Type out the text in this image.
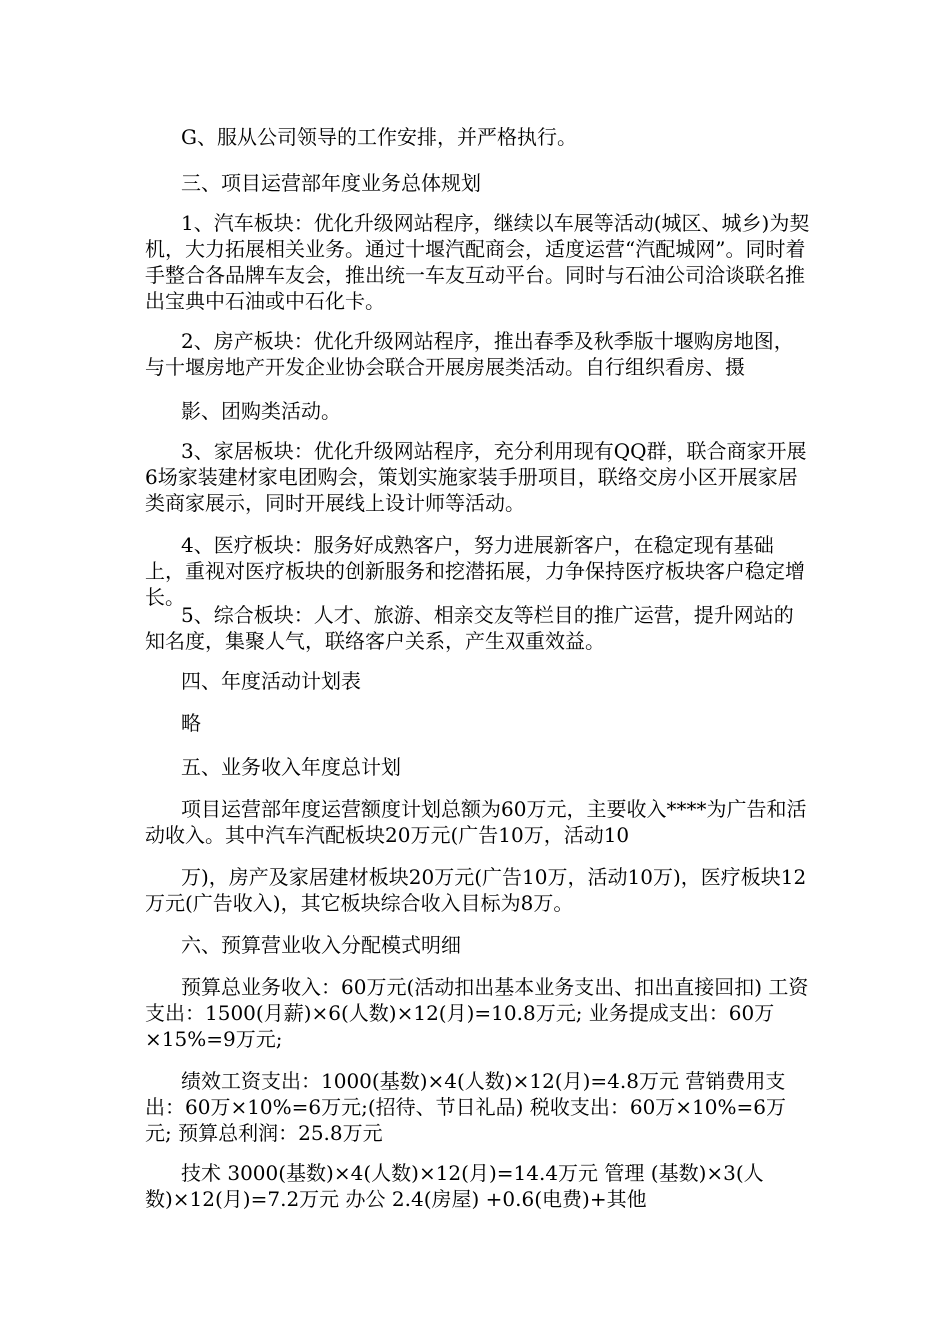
G、服从公司领导的工作安排，并严格执行。

三、项目运营部年度业务总体规划

1、汽车板块：优化升级网站程序，继续以车展等活动(城区、城乡)为契机，大力拓展相关业务。通过十堰汽配商会，适度运营“汽配城网”。同时着手整合各品牌车友会，推出统一车友互动平台。同时与石油公司洽谈联名推出宝典中石油或中石化卡。

2、房产板块：优化升级网站程序，推出春季及秋季版十堰购房地图，与十堰房地产开发企业协会联合开展房展类活动。自行组织看房、摄

影、团购类活动。

3、家居板块：优化升级网站程序，充分利用现有QQ群，联合商家开展6场家装建材家电团购会，策划实施家装手册项目，联络交房小区开展家居类商家展示，同时开展线上设计师等活动。

4、医疗板块：服务好成熟客户，努力进展新客户，在稳定现有基础上，重视对医疗板块的创新服务和挖潜拓展，力争保持医疗板块客户稳定增长。

5、综合板块：人才、旅游、相亲交友等栏目的推广运营，提升网站的知名度，集聚人气，联络客户关系，产生双重效益。

四、年度活动计划表

略

五、业务收入年度总计划

项目运营部年度运营额度计划总额为60万元，主要收入****为广告和活动收入。其中汽车汽配板块20万元(广告10万，活动10

万)，房产及家居建材板块20万元(广告10万，活动10万)，医疗板块12万元(广告收入)，其它板块综合收入目标为8万。

六、预算营业收入分配模式明细

预算总业务收入：60万元(活动扣出基本业务支出、扣出直接回扣) 工资支出：1500(月薪)×6(人数)×12(月)=10.8万元; 业务提成支出：60万×15%=9万元;

绩效工资支出：1000(基数)×4(人数)×12(月)=4.8万元 营销费用支出：60万×10%=6万元;(招待、节日礼品) 税收支出：60万×10%=6万元; 预算总利润：25.8万元

技术 3000(基数)×4(人数)×12(月)=14.4万元 管理 (基数)×3(人数)×12(月)=7.2万元 办公 2.4(房屋) +0.6(电费)+其他
